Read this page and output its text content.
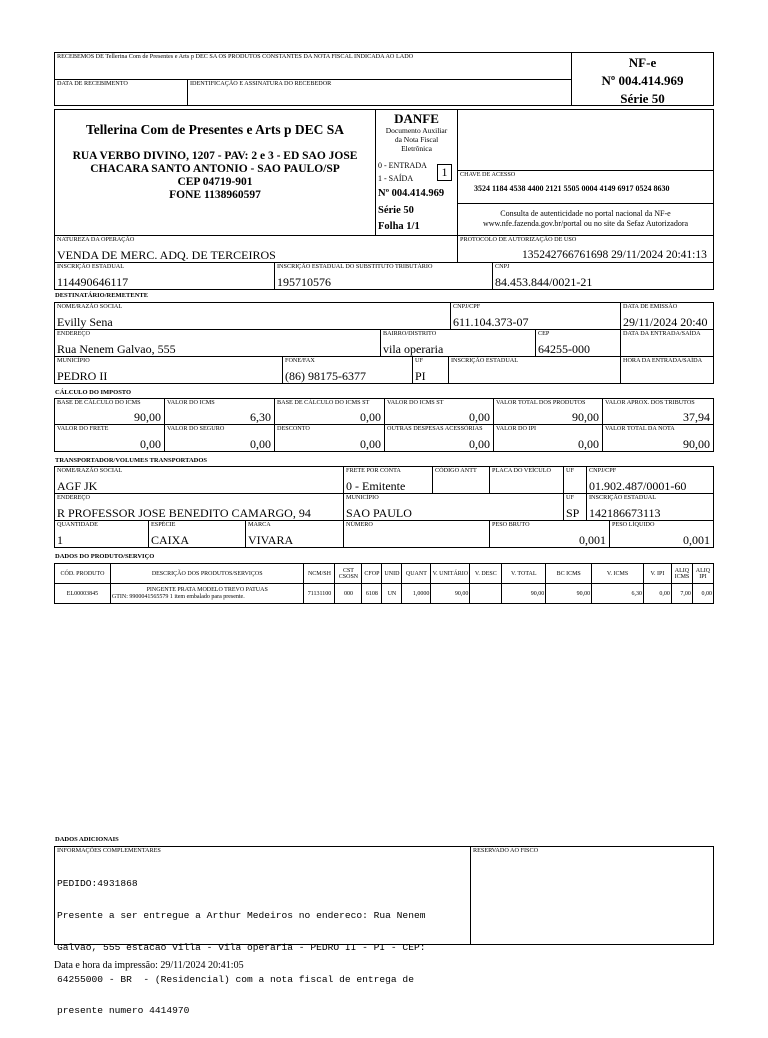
RECEBEMOS DE Tellerina Com de Presentes e Arts p DEC SA OS PRODUTOS CONSTANTES DA NOTA FISCAL INDICADA AO LADO
DATA DE RECEBIMENTO	IDENTIFICAÇÃO E ASSINATURA DO RECEBEDOR
NF-e
Nº 004.414.969
Série 50
Tellerina Com de Presentes e Arts p DEC SA
RUA VERBO DIVINO, 1207 - PAV: 2 e 3 - ED SAO JOSE
CHACARA SANTO ANTONIO - SAO PAULO/SP
CEP 04719-901
FONE 1138960597
DANFE
Documento Auxiliar
da Nota Fiscal
Eletrônica
0 - ENTRADA
1 - SAÍDA	1
Nº 004.414.969
Série 50
Folha 1/1
CHAVE DE ACESSO
3524 1184 4538 4400 2121 5505 0004 4149 6917 0524 8630
Consulta de autenticidade no portal nacional da NF-e
www.nfe.fazenda.gov.br/portal ou no site da Sefaz Autorizadora
NATUREZA DA OPERAÇÃO
VENDA DE MERC. ADQ. DE TERCEIROS
PROTOCOLO DE AUTORIZAÇÃO DE USO
135242766761698 29/11/2024 20:41:13
INSCRIÇÃO ESTADUAL
114490646117
INSCRIÇÃO ESTADUAL DO SUBSTITUTO TRIBUTÁRIO
195710576
CNPJ
84.453.844/0021-21
DESTINATÁRIO/REMETENTE
NOME/RAZÃO SOCIAL
Evilly Sena
CNPJ/CPF
611.104.373-07
DATA DE EMISSÃO
29/11/2024 20:40
ENDEREÇO
Rua Nenem Galvao, 555
BAIRRO/DISTRITO
vila operaria
CEP
64255-000
DATA DA ENTRADA/SAÍDA
MUNICÍPIO
PEDRO II
FONE/FAX
(86) 98175-6377
UF
PI
INSCRIÇÃO ESTADUAL	HORA DA ENTRADA/SAÍDA
CÁLCULO DO IMPOSTO
BASE DE CÁLCULO DO ICMS
90,00
VALOR DO ICMS
6,30
BASE DE CÁLCULO DO ICMS ST
0,00
VALOR DO ICMS ST
0,00
VALOR TOTAL DOS PRODUTOS
90,00
VALOR APROX. DOS TRIBUTOS
37,94
VALOR DO FRETE
0,00
VALOR DO SEGURO
0,00
DESCONTO
0,00
OUTRAS DESPESAS ACESSÓRIAS
0,00
VALOR DO IPI
0,00
VALOR TOTAL DA NOTA
90,00
TRANSPORTADOR/VOLUMES TRANSPORTADOS
NOME/RAZÃO SOCIAL
AGF JK
FRETE POR CONTA
0 - Emitente
CÓDIGO ANTT PLACA DO VEÍCULO UF CNPJ/CPF
01.902.487/0001-60
ENDEREÇO
R PROFESSOR JOSE BENEDITO CAMARGO, 94
MUNICÍPIO
SAO PAULO
UF
SP
INSCRIÇÃO ESTADUAL
142186673113
QUANTIDADE
1
ESPÉCIE
CAIXA
MARCA
VIVARA
NÚMERO	PESO BRUTO
0,001
PESO LÍQUIDO
0,001
DADOS DO PRODUTO/SERVIÇO
CÓD. PRODUTO	DESCRIÇÃO DOS PRODUTOS/SERVIÇOS	NCM/SH	CST CSOSN	CFOP	UNID	QUANT	V. UNITÁRIO	V. DESC	V. TOTAL	BC ICMS	V. ICMS	V. IPI	ALIQ ICMS	ALIQ IPI
EL00003845	PINGENTE PRATA MODELO TREVO PATUAS
GTIN: 9900041565579 1 item embalado para presente.	71131100	000	6108	UN	1,0000	90,00		90,00	90,00	6,30	0,00	7,00	0,00
DADOS ADICIONAIS
INFORMAÇÕES COMPLEMENTARES

PEDIDO:4931868

Presente a ser entregue a Arthur Medeiros no endereco: Rua Nenem

Galvao, 555 estacao villa - vila operaria - PEDRO II - PI - CEP:

64255000 - BR  - (Residencial) com a nota fiscal de entrega de

presente numero 4414970

RESERVADO AO FISCO
Data e hora da impressão: 29/11/2024 20:41:05
